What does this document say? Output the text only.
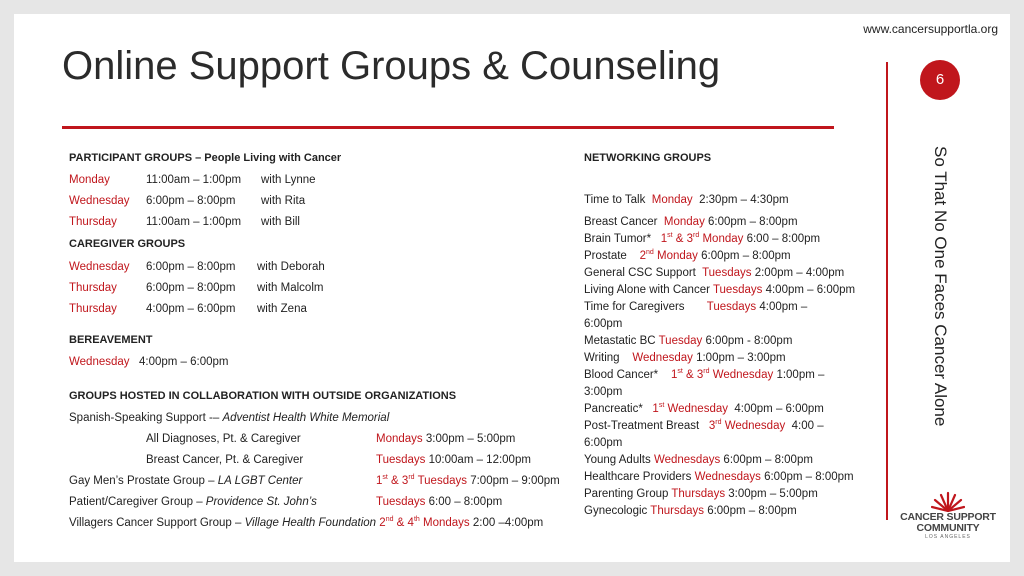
www.cancersupportla.org
Online Support Groups & Counseling	6
So That No One Faces Cancer Alone
CANCER SUPPORT
COMMUNITY
LOS ANGELES
PARTICIPANT GROUPS – People Living with Cancer
Monday	11:00am – 1:00pm with Lynne
Wednesday 6:00pm – 8:00pm with Rita
Thursday	11:00am – 1:00pm with Bill
CAREGIVER GROUPS
Wednesday 6:00pm – 8:00pm with Deborah
Thursday	6:00pm – 8:00pm with Malcolm
Thursday	4:00pm – 6:00pm with Zena
BEREAVEMENT
Wednesday 4:00pm – 6:00pm
GROUPS HOSTED IN COLLABORATION WITH OUTSIDE ORGANIZATIONS
Spanish-Speaking Support -– Adventist Health White Memorial
All Diagnoses, Pt. & Caregiver	Mondays 3:00pm – 5:00pm
Breast Cancer, Pt. & Caregiver	Tuesdays 10:00am – 12:00pm
Gay Men’s Prostate Group – LA LGBT Center	1st & 3rd Tuesdays 7:00pm – 9:00pm
Patient/Caregiver Group – Providence St. John’s	Tuesdays 6:00 – 8:00pm
Villagers Cancer Support Group – Village Health Foundation 2nd & 4th Mondays 2:00 –4:00pm
NETWORKING GROUPS
Time to Talk Monday 2:30pm – 4:30pm
Breast Cancer Monday 6:00pm – 8:00pm
Brain Tumor* 1st & 3rd Monday 6:00 – 8:00pm
Prostate 2nd Monday 6:00pm – 8:00pm
General CSC Support Tuesdays 2:00pm – 4:00pm
Living Alone with Cancer Tuesdays 4:00pm – 6:00pm
Time for Caregivers Tuesdays 4:00pm – 6:00pm
Metastatic BC Tuesday 6:00pm - 8:00pm
Writing Wednesday 1:00pm – 3:00pm
Blood Cancer* 1st & 3rd Wednesday 1:00pm – 3:00pm
Pancreatic* 1st Wednesday 4:00pm – 6:00pm
Post-Treatment Breast 3rd Wednesday 4:00 – 6:00pm
Young Adults Wednesdays 6:00pm – 8:00pm
Healthcare Providers Wednesdays 6:00pm – 8:00pm
Parenting Group Thursdays 3:00pm – 5:00pm
Gynecologic Thursdays 6:00pm – 8:00pm
